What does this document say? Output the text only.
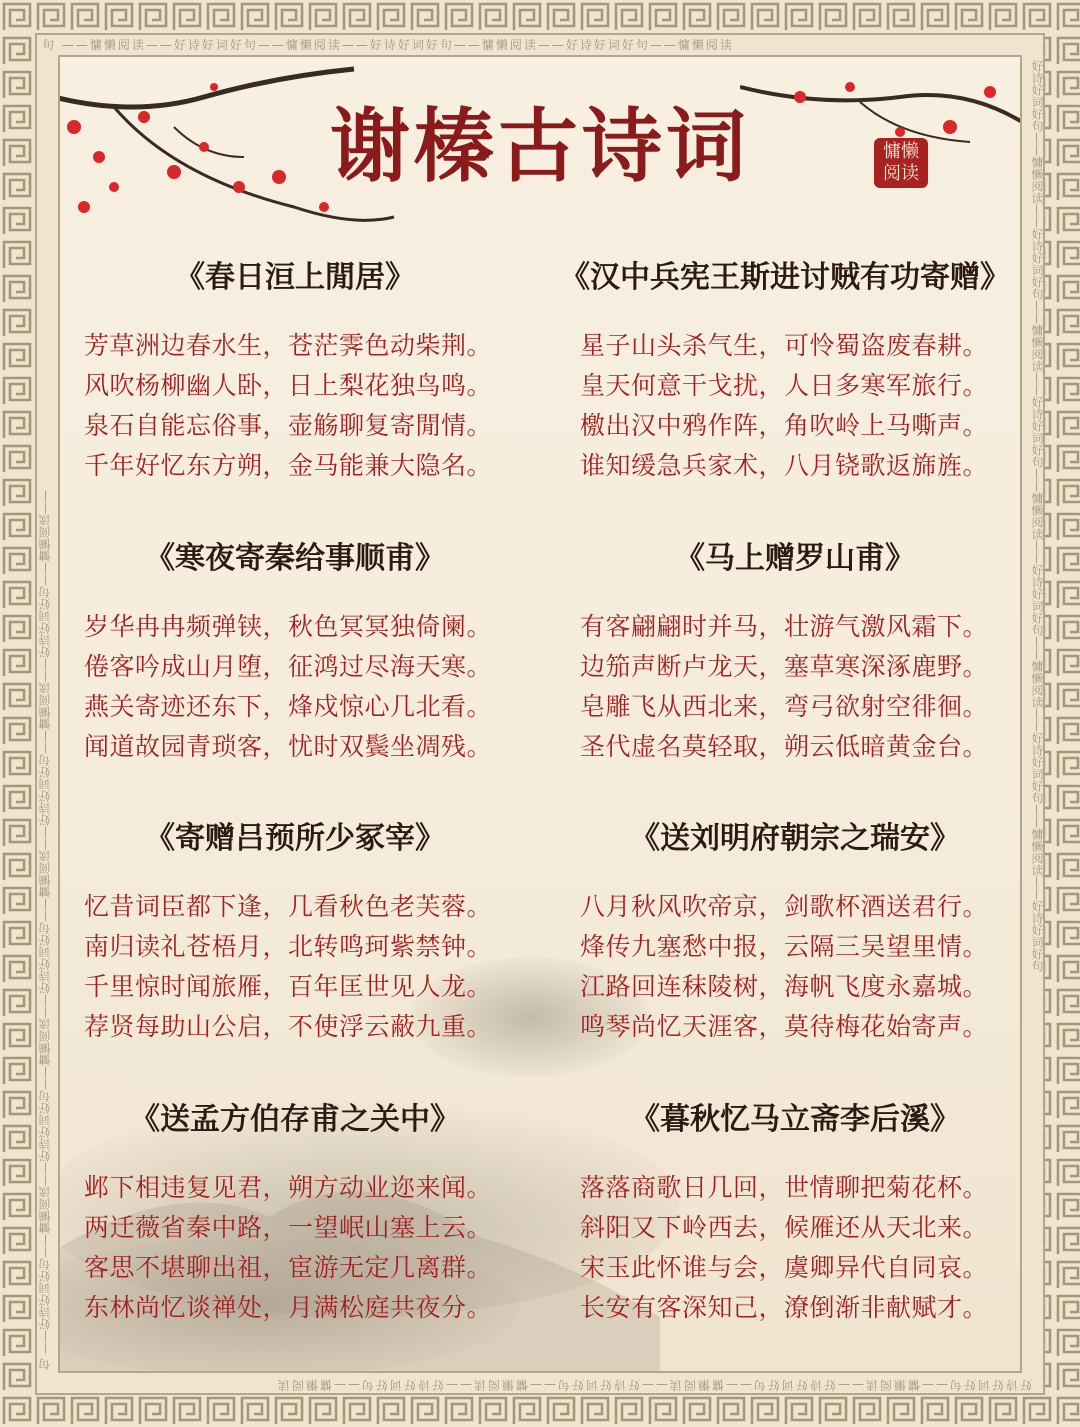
句 ——慵懒阅读——好诗好词好句——慵懒阅读——好诗好词好句——慵懒阅读——好诗好词好句——慵懒阅读
好诗好词好句——慵懒阅读——好诗好词好句——慵懒阅读——好诗好词好句——慵懒阅读——好诗好词好句——慵懒阅读
句 ——好诗好词好句——慵懒阅读——好诗好词好句——慵懒阅读——好诗好词好句——慵懒阅读——好诗好词好句——慵懒阅读——好诗好词好句——慵懒阅读——	好诗好词好句——慵懒阅读——好诗好词好句——慵懒阅读——好诗好词好句——慵懒阅读——好诗好词好句——慵懒阅读——好诗好词好句——慵懒阅读——好诗好词好句
谢榛古诗词	慵懒
阅读
《春日洹上閒居》
芳草洲边春水生，苍茫霁色动柴荆。
风吹杨柳幽人卧，日上梨花独鸟鸣。
泉石自能忘俗事，壶觞聊复寄閒情。
千年好忆东方朔，金马能兼大隐名。
《汉中兵宪王斯进讨贼有功寄赠》
星子山头杀气生，可怜蜀盗废春耕。
皇天何意干戈扰，人日多寒军旅行。
檄出汉中鸦作阵，角吹岭上马嘶声。
谁知缓急兵家术，八月铙歌返旆旌。
《寒夜寄秦给事顺甫》
岁华冉冉频弹铗，秋色冥冥独倚阑。
倦客吟成山月堕，征鸿过尽海天寒。
燕关寄迹还东下，烽戍惊心几北看。
闻道故园青琐客，忧时双鬓坐凋残。
《马上赠罗山甫》
有客翩翩时并马，壮游气激风霜下。
边笳声断卢龙天，塞草寒深涿鹿野。
皂雕飞从西北来，弯弓欲射空徘徊。
圣代虚名莫轻取，朔云低暗黄金台。
《寄赠吕预所少冢宰》
忆昔词臣都下逢，几看秋色老芙蓉。
南归读礼苍梧月，北转鸣珂紫禁钟。
千里惊时闻旅雁，百年匡世见人龙。
荐贤每助山公启，不使浮云蔽九重。
《送刘明府朝宗之瑞安》
八月秋风吹帝京，剑歌杯酒送君行。
烽传九塞愁中报，云隔三吴望里情。
江路回连秣陵树，海帆飞度永嘉城。
鸣琴尚忆天涯客，莫待梅花始寄声。
《送孟方伯存甫之关中》
邺下相违复见君，朔方动业迩来闻。
两迁薇省秦中路，一望岷山塞上云。
客思不堪聊出祖，宦游无定几离群。
东林尚忆谈禅处，月满松庭共夜分。
《暮秋忆马立斋李后溪》
落落商歌日几回，世情聊把菊花杯。
斜阳又下岭西去，候雁还从天北来。
宋玉此怀谁与会，虞卿异代自同哀。
长安有客深知己，潦倒渐非献赋才。
